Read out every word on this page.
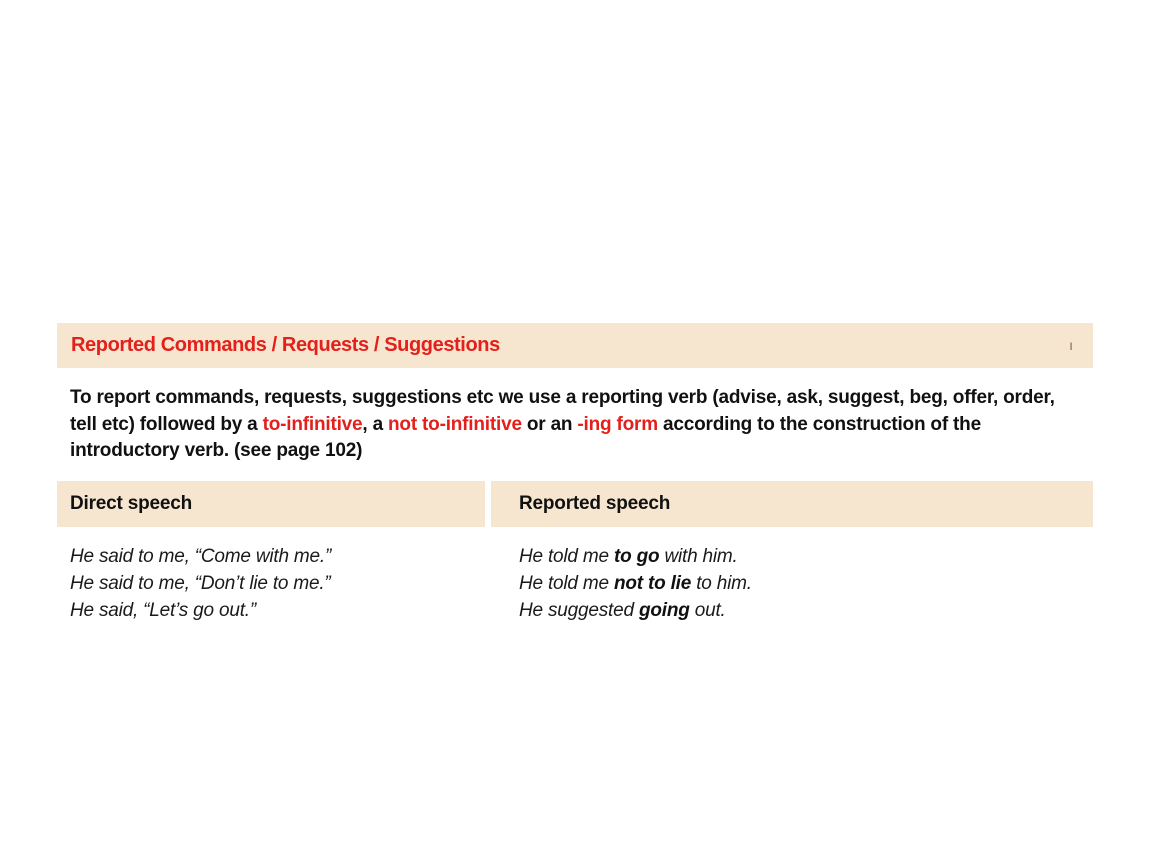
Reported Commands / Requests / Suggestions	ı

To report commands, requests, suggestions etc we use a reporting verb (advise, ask, suggest, beg, offer, order, tell etc) followed by a to-infinitive, a not to-infinitive or an -ing form according to the construction of the introductory verb. (see page 102)

Direct speech	Reported speech
He said to me, “Come with me.”
He said to me, “Don’t lie to me.”
He said, “Let’s go out.”
He told me to go with him.
He told me not to lie to him.
He suggested going out.
